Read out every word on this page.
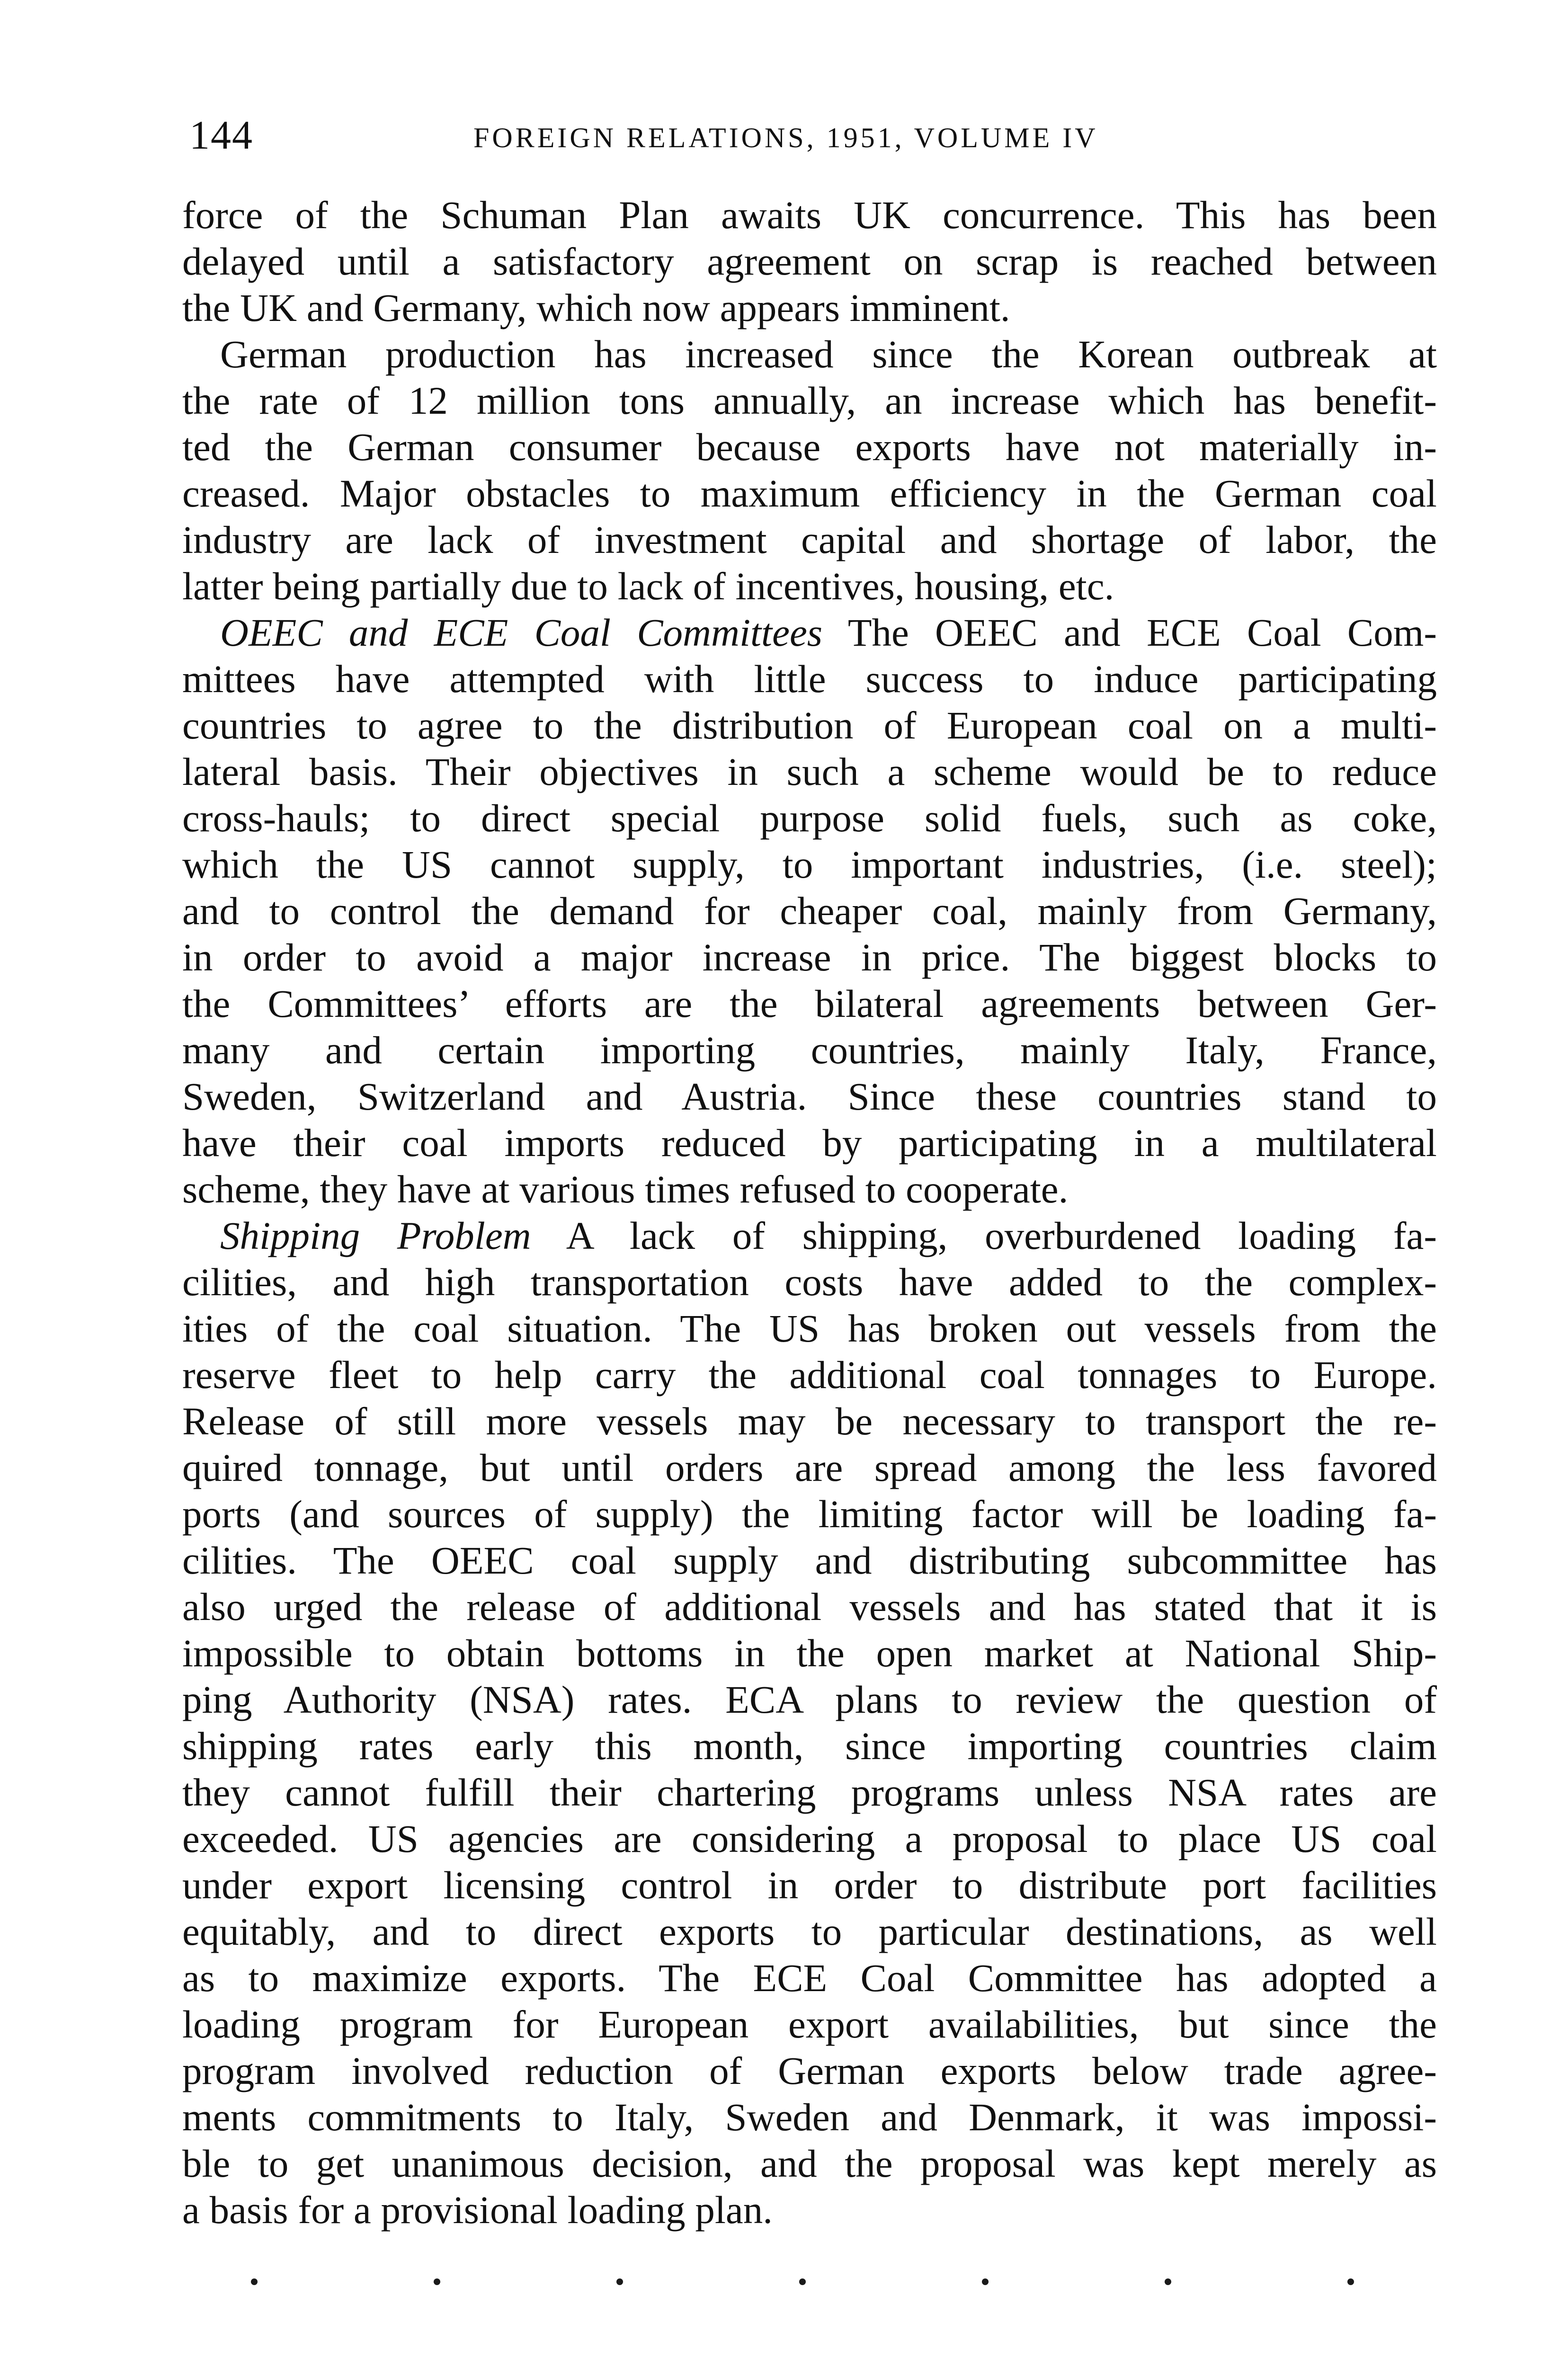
144	FOREIGN RELATIONS, 1951, VOLUME IV
force of the Schuman Plan awaits UK concurrence. This has been
delayed until a satisfactory agreement on scrap is reached between
the UK and Germany, which now appears imminent.
German production has increased since the Korean outbreak at
the rate of 12 million tons annually, an increase which has benefit-
ted the German consumer because exports have not materially in-
creased. Major obstacles to maximum efficiency in the German coal
industry are lack of investment capital and shortage of labor, the
latter being partially due to lack of incentives, housing, etc.
OEEC and ECE Coal Committees The OEEC and ECE Coal Com-
mittees have attempted with little success to induce participating
countries to agree to the distribution of European coal on a multi-
lateral basis. Their objectives in such a scheme would be to reduce
cross-hauls; to direct special purpose solid fuels, such as coke,
which the US cannot supply, to important industries, (i.e. steel);
and to control the demand for cheaper coal, mainly from Germany,
in order to avoid a major increase in price. The biggest blocks to
the Committees’ efforts are the bilateral agreements between Ger-
many and certain importing countries, mainly Italy, France,
Sweden, Switzerland and Austria. Since these countries stand to
have their coal imports reduced by participating in a multilateral
scheme, they have at various times refused to cooperate.
Shipping Problem A lack of shipping, overburdened loading fa-
cilities, and high transportation costs have added to the complex-
ities of the coal situation. The US has broken out vessels from the
reserve fleet to help carry the additional coal tonnages to Europe.
Release of still more vessels may be necessary to transport the re-
quired tonnage, but until orders are spread among the less favored
ports (and sources of supply) the limiting factor will be loading fa-
cilities. The OEEC coal supply and distributing subcommittee has
also urged the release of additional vessels and has stated that it is
impossible to obtain bottoms in the open market at National Ship-
ping Authority (NSA) rates. ECA plans to review the question of
shipping rates early this month, since importing countries claim
they cannot fulfill their chartering programs unless NSA rates are
exceeded. US agencies are considering a proposal to place US coal
under export licensing control in order to distribute port facilities
equitably, and to direct exports to particular destinations, as well
as to maximize exports. The ECE Coal Committee has adopted a
loading program for European export availabilities, but since the
program involved reduction of German exports below trade agree-
ments commitments to Italy, Sweden and Denmark, it was impossi-
ble to get unanimous decision, and the proposal was kept merely as
a basis for a provisional loading plan.
